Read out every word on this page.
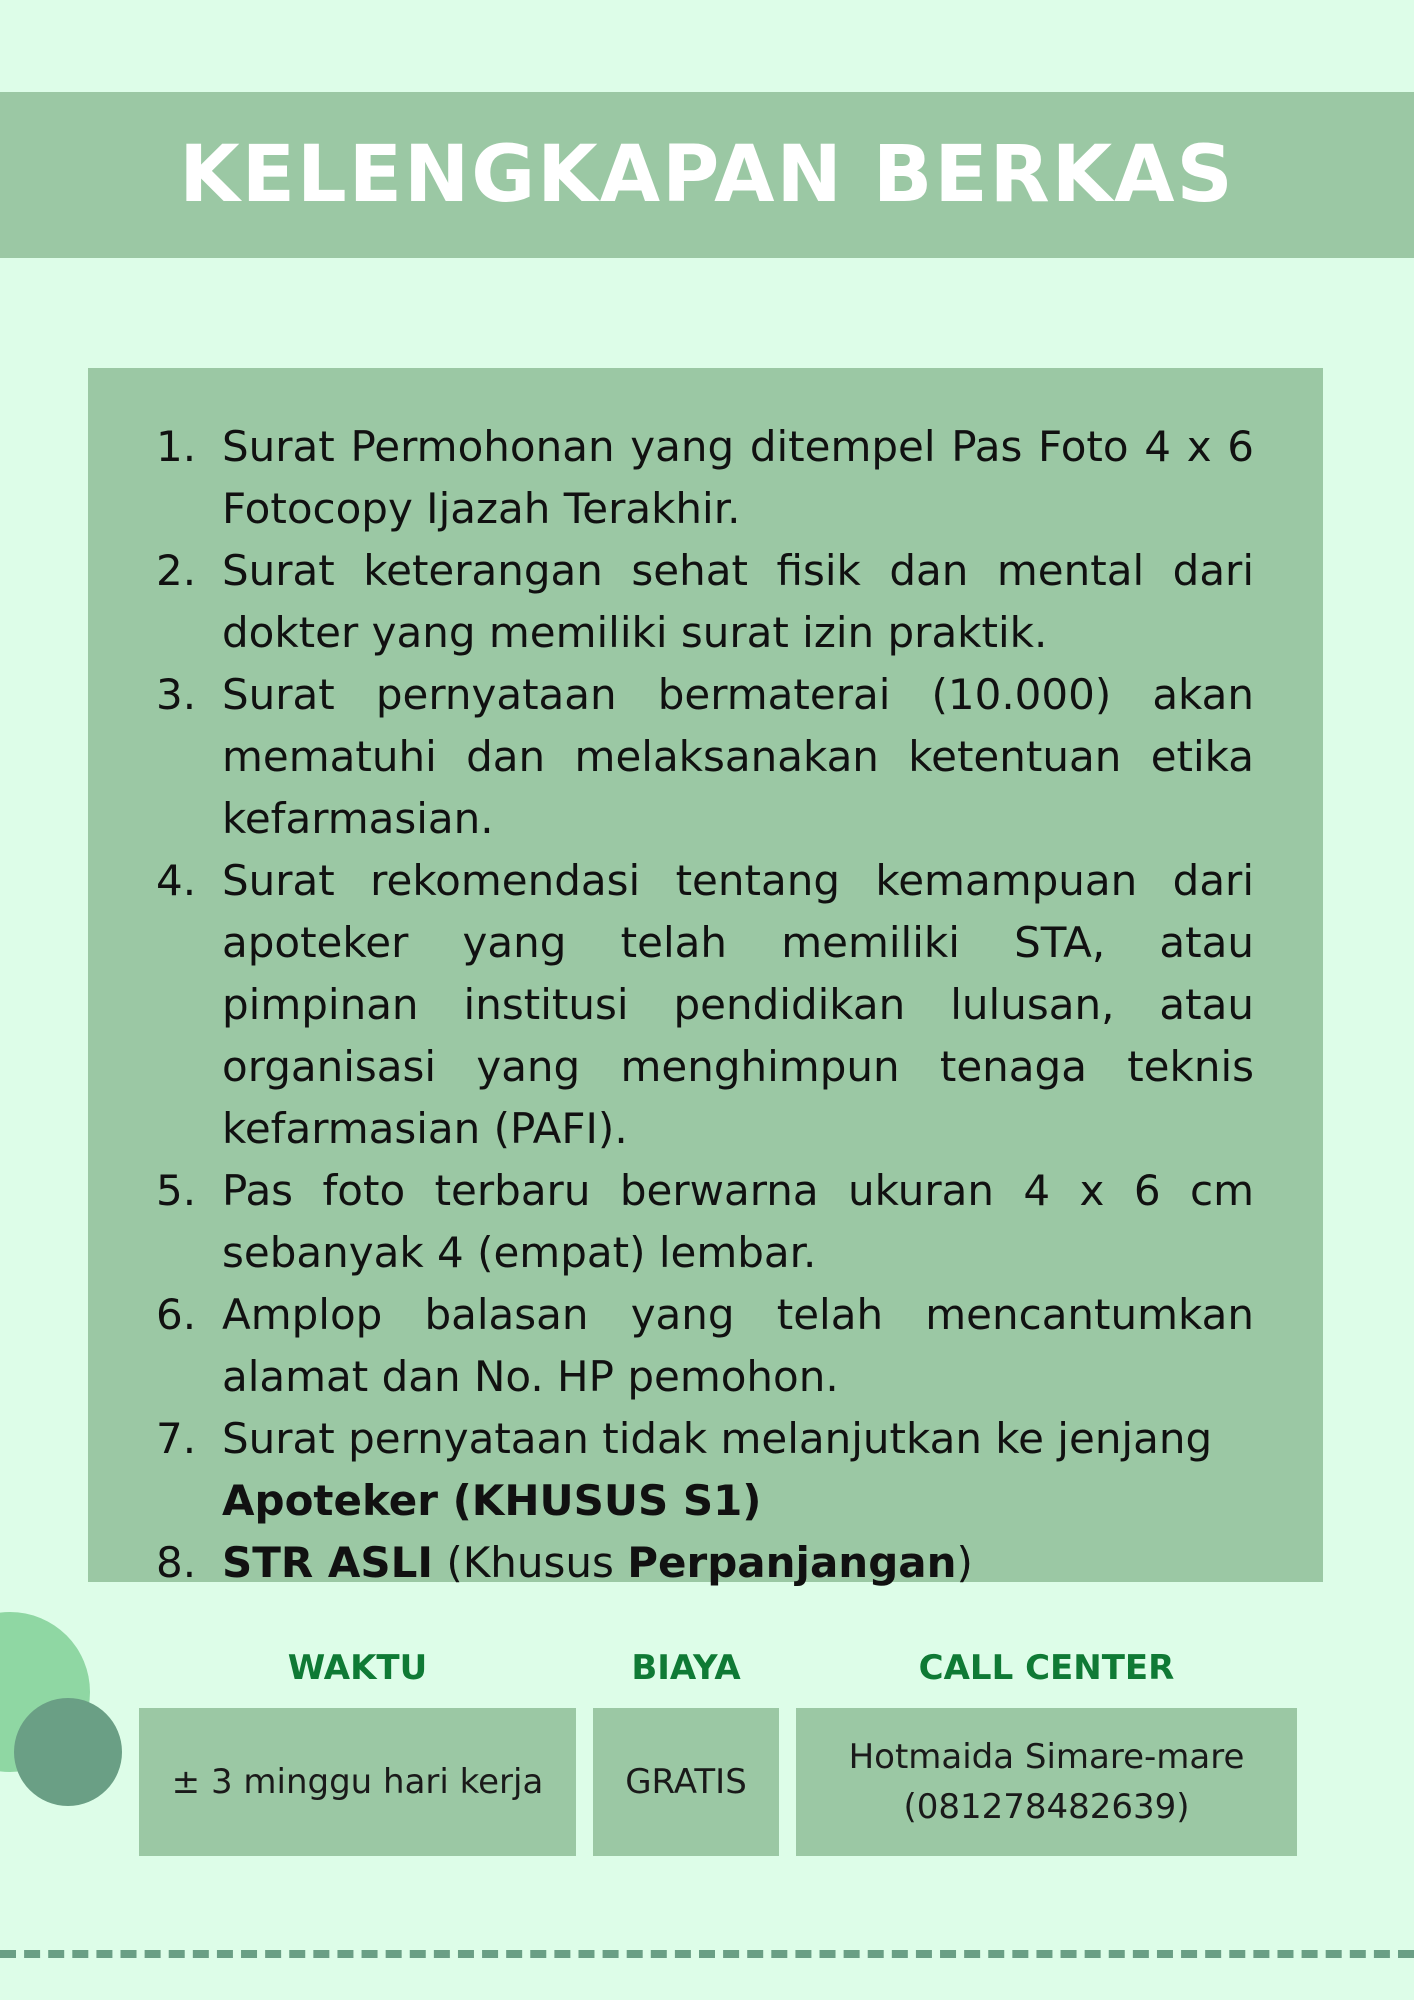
KELENGKAPAN BERKAS
1. Surat Permohonan yang ditempel Pas Foto 4 x 6 Fotocopy Ijazah Terakhir.
2. Surat keterangan sehat fisik dan mental dari dokter yang memiliki surat izin praktik.
3. Surat pernyataan bermaterai (10.000) akan mematuhi dan melaksanakan ketentuan etika kefarmasian.
4. Surat rekomendasi tentang kemampuan dari apoteker yang telah memiliki STA, atau pimpinan institusi pendidikan lulusan, atau organisasi yang menghimpun tenaga teknis kefarmasian (PAFI).
5. Pas foto terbaru berwarna ukuran 4 x 6 cm sebanyak 4 (empat) lembar.
6. Amplop balasan yang telah mencantumkan alamat dan No. HP pemohon.
7. Surat pernyataan tidak melanjutkan ke jenjang
Apoteker (KHUSUS S1)
8. STR ASLI (Khusus Perpanjangan)
WAKTU	BIAYA	CALL CENTER
± 3 minggu hari kerja GRATIS
Hotmaida Simare-mare
(081278482639)
